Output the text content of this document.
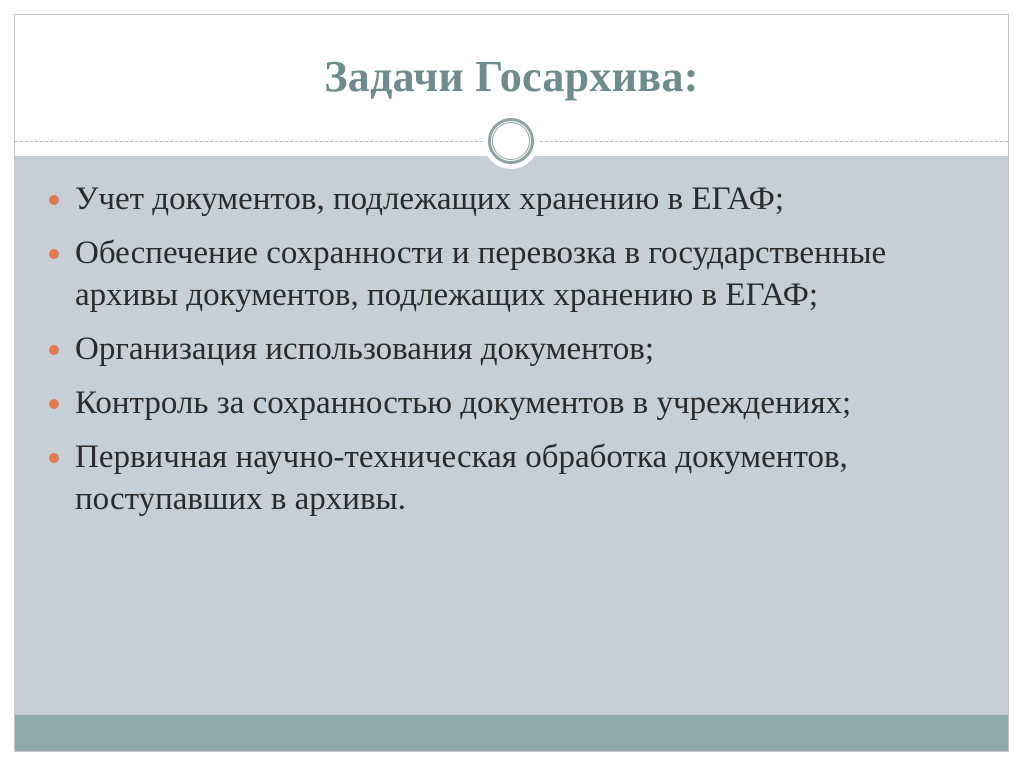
Задачи Госархива:
Учет документов, подлежащих хранению в ЕГАФ;
Обеспечение сохранности и перевозка в государственные архивы документов, подлежащих хранению в ЕГАФ;
Организация использования документов;
Контроль за сохранностью документов в учреждениях;
Первичная научно-техническая обработка документов, поступавших в архивы.
